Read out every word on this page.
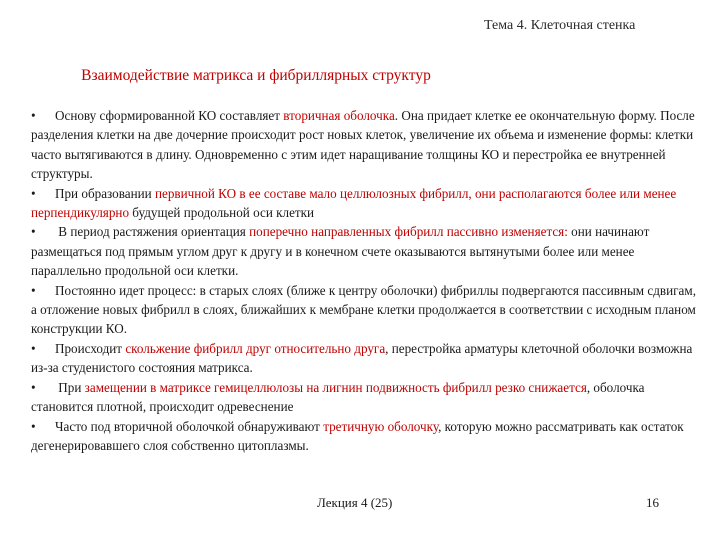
Тема 4. Клеточная стенка
Взаимодействие матрикса и фибриллярных структур

• Основу сформированной КО составляет вторичная оболочка. Она придает клетке ее окончательную форму. После разделения клетки на две дочерние происходит рост новых клеток, увеличение их объема и изменение формы: клетки часто вытягиваются в длину. Одновременно с этим идет наращивание толщины КО и перестройка ее внутренней структуры.

• При образовании первичной КО в ее составе мало целлюлозных фибрилл, они располагаются более или менее перпендикулярно будущей продольной оси клетки

• В период растяжения ориентация поперечно направленных фибрилл пассивно изменяется: они начинают размещаться под прямым углом друг к другу и в конечном счете оказываются вытянутыми более или менее параллельно продольной оси клетки.

• Постоянно идет процесс: в старых слоях (ближе к центру оболочки) фибриллы подвергаются пассивным сдвигам, а отложение новых фибрилл в слоях, ближайших к мембране клетки продолжается в соответствии с исходным планом конструкции КО.

• Происходит скольжение фибрилл друг относительно друга, перестройка арматуры клеточной оболочки возможна из-за студенистого состояния матрикса.

• При замещении в матриксе гемицеллюлозы на лигнин подвижность фибрилл резко снижается, оболочка становится плотной, происходит одревеснение

• Часто под вторичной оболочкой обнаруживают третичную оболочку, которую можно рассматривать как остаток дегенерировавшего слоя собственно цитоплазмы.

Лекция 4 (25)	16
